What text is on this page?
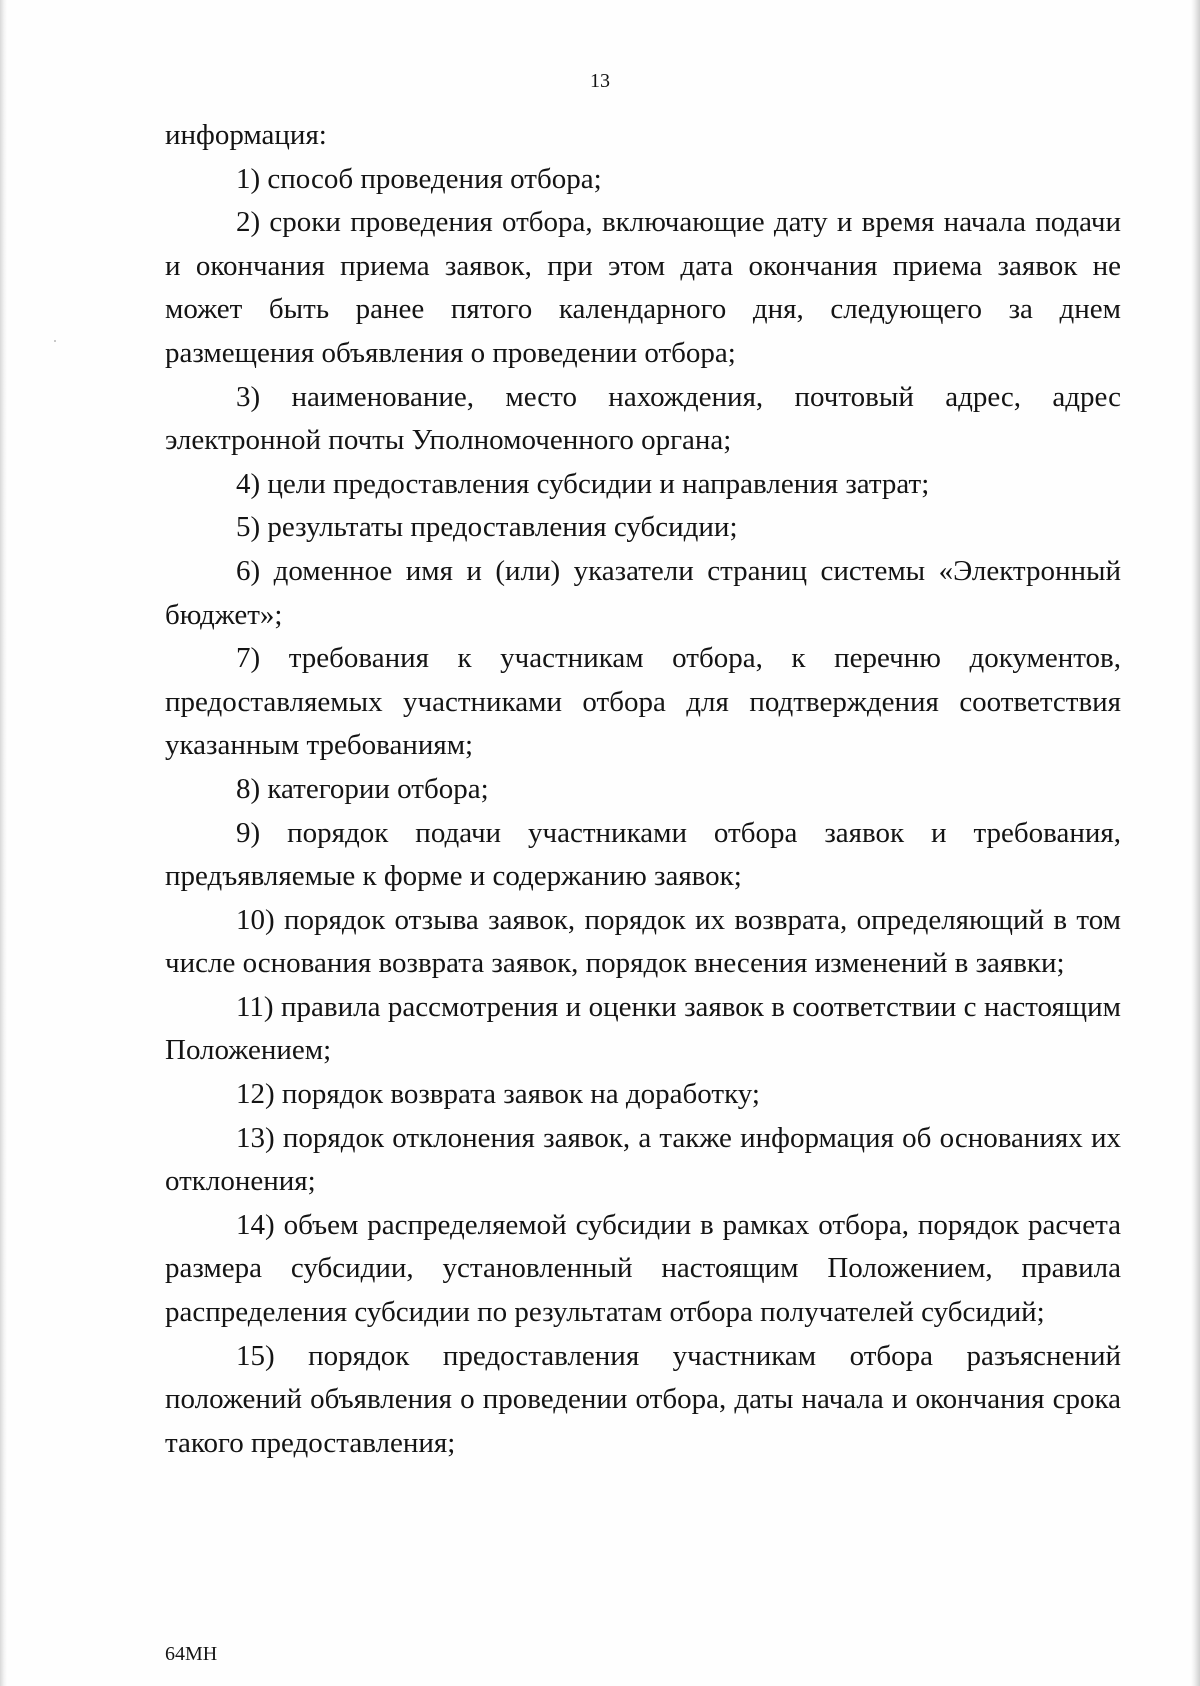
13

информация:

1) способ проведения отбора;

2) сроки проведения отбора, включающие дату и время начала подачи и окончания приема заявок, при этом дата окончания приема заявок не может быть ранее пятого календарного дня, следующего за днем размещения объявления о проведении отбора;

3) наименование, место нахождения, почтовый адрес, адрес электронной почты Уполномоченного органа;

4) цели предоставления субсидии и направления затрат;

5) результаты предоставления субсидии;

6) доменное имя и (или) указатели страниц системы «Электронный бюджет»;

7) требования к участникам отбора, к перечню документов, предоставляемых участниками отбора для подтверждения соответствия указанным требованиям;

8) категории отбора;

9) порядок подачи участниками отбора заявок и требования, предъявляемые к форме и содержанию заявок;

10) порядок отзыва заявок, порядок их возврата, определяющий в том числе основания возврата заявок, порядок внесения изменений в заявки;

11) правила рассмотрения и оценки заявок в соответствии с настоящим Положением;

12) порядок возврата заявок на доработку;

13) порядок отклонения заявок, а также информация об основаниях их отклонения;

14) объем распределяемой субсидии в рамках отбора, порядок расчета размера субсидии, установленный настоящим Положением, правила распределения субсидии по результатам отбора получателей субсидий;

15) порядок предоставления участникам отбора разъяснений положений объявления о проведении отбора, даты начала и окончания срока такого предоставления;

64МН
